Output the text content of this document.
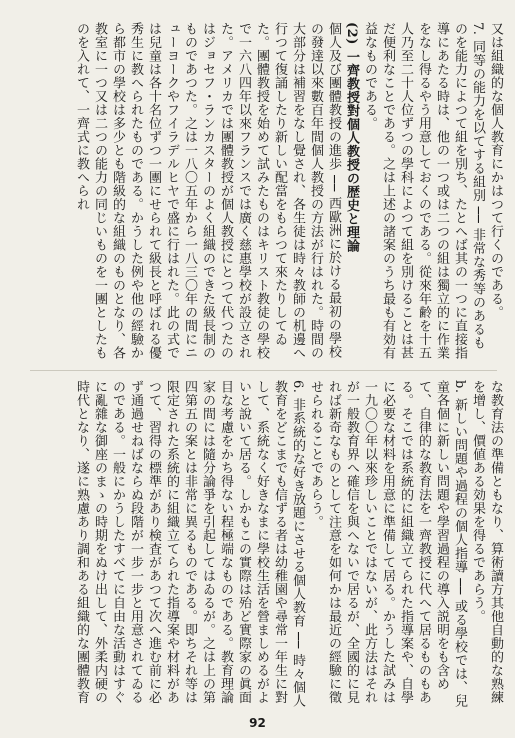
又は組織的な個人教育にかはつて行くのである。

7. 同等の能力を以てする組別 ── 非常な秀等のあるものを能力によつて組を別ち、たとへば其の一つに直接指導にあたる時は、他の一つ或は二つの組は獨立的に作業をなし得るやう用意しておくのである。從來年齢を十五人乃至二十人位ずつの學科によつて組を別けることは甚だ便利なことである。之は上述の諸案のうち最も有効有益なものである。

(2) 一齊教授對個人教授の歴史と理論

個人及び團體教授の進歩 ── 西歐洲に於ける最初の學校の發達以來數百年間個人教授の方法が行はれた。時間の大部分は補習をなし覺され、各生徒は時々教師の机邊へ行つて復誦したり新しい配當をもらつて來たりしてゐた。團體教授を始めて試みたものはキリスト教徒の學校で一六八四年以來フランスでは廣く慈惠學校が設立された。アメリカでは團體教授が個人教授にとつて代つたのはジョセフ・ランカスターのよく組織のできた級長制のものであつた。之は一八〇五年から一八三〇年の間にニューヨークやフイラデルヒヤで盛に行はれた。此の式では兒童は各十名位ずつ一團にせられて級長と呼ばれる優秀生に教へられたものである。かうした例や他の經驗から都市の學校は多少とも階級的な組織のものとなり、各教室に一つ又は二つの能力の同じいものを一團としたものを入れて、一齊式に教へられ

な教育法の準備ともなり、算術讀方其他自動的な熟練を增し、價値ある効果を得るであらう。

b. 新しい問題や過程の個人指導 ── 或る學校では、兒童各個に新しい問題や學習過程の導入説明をも含めて、自律的な教育法を一齊教授に代へて居るものもある。そこでは系統的に組織立てられた指導案や、自學に必要な材料を用意に準備して居る。かうした試みは一九〇〇年以來珍しいことではないが、此方法はそれが一般教育界へ確信を與へないで居るが、全國的に見れば新奇なものとして注意を如何かは最近の經驗に徵せられることであらう。

6. 非系統的な好き放題にさせる個人教育 ── 時々個人教育をどこまでも信ずる者は幼稚園や尋常一年生に對して、系統なく好きなまに學校生活を營ましめるがよいと說いて居る。しかもこの實際は殆ど實際家の眞面目な考慮をかち得ない程極端なものである。教育理論家の間には隨分論爭を引起してはゐるが。之は上の第四第五の案とは非常に異るものである。即ちそれ等は限定された系統的に組織立てられた指導案や材料があつて、習得の標準があり検査があつて次へ進む前に必ず通過せねばならぬ段階が一步一步と用意されてゐるのである。一般にかうしたすべてに自由な活動はすぐに亂雜な御座のまゝの時期をぬけ出して、外柔内硬の時代となり、遂に熟慮あり調和ある組織的な團體教育

92
